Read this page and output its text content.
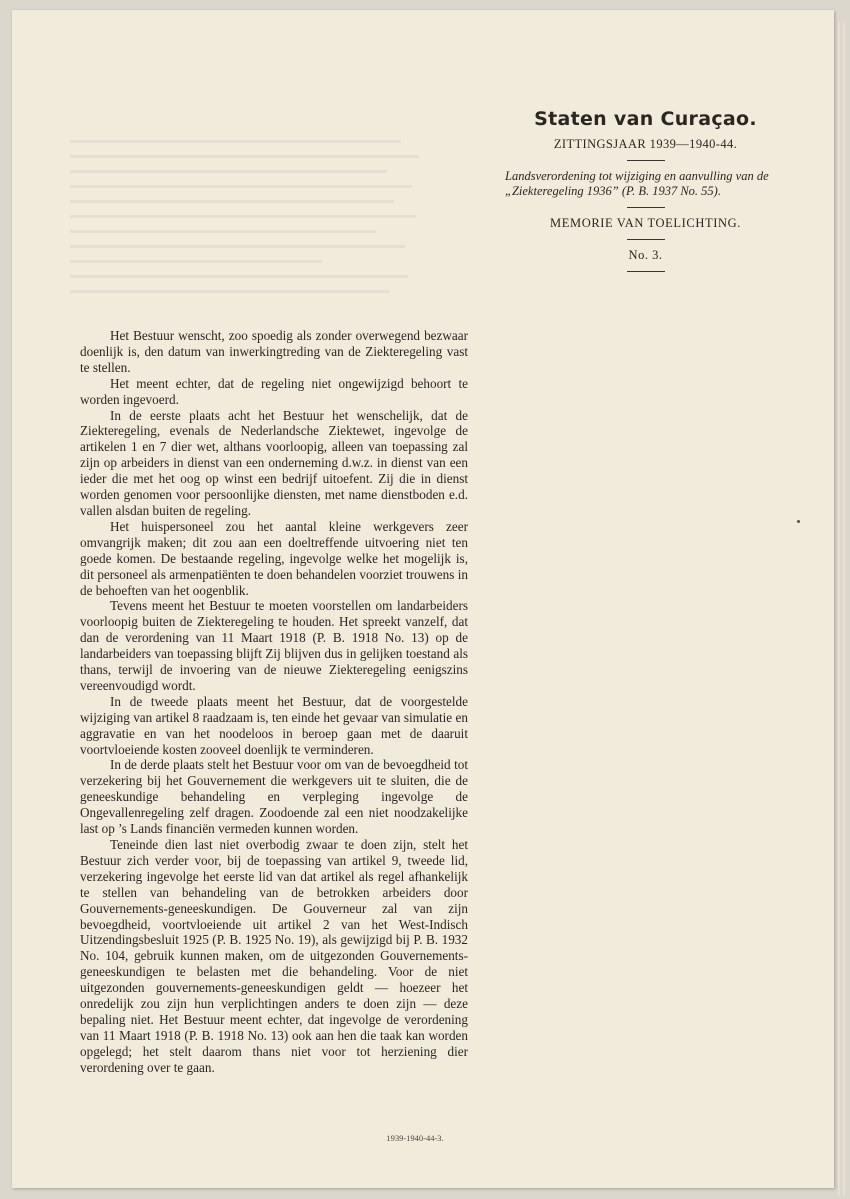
Staten van Curaçao.
ZITTINGSJAAR 1939—1940-44.
Landsverordening tot wijziging en aanvulling van de „Ziekteregeling 1936” (P. B. 1937 No. 55).
MEMORIE VAN TOELICHTING.
No. 3.

Het Bestuur wenscht, zoo spoedig als zonder overwegend bezwaar doenlijk is, den datum van inwerkingtreding van de Ziekteregeling vast te stellen.

Het meent echter, dat de regeling niet ongewijzigd behoort te worden ingevoerd.

In de eerste plaats acht het Bestuur het wenschelijk, dat de Ziekteregeling, evenals de Nederlandsche Ziektewet, ingevolge de artikelen 1 en 7 dier wet, althans voorloopig, alleen van toepassing zal zijn op arbeiders in dienst van een onderneming d.w.z. in dienst van een ieder die met het oog op winst een bedrijf uitoefent. Zij die in dienst worden genomen voor persoonlijke diensten, met name dienstboden e.d. vallen alsdan buiten de regeling.

Het huispersoneel zou het aantal kleine werkgevers zeer omvangrijk maken; dit zou aan een doeltreffende uitvoering niet ten goede komen. De bestaande regeling, ingevolge welke het mogelijk is, dit personeel als armenpatiënten te doen behandelen voorziet trouwens in de behoeften van het oogenblik.

Tevens meent het Bestuur te moeten voorstellen om landarbeiders voorloopig buiten de Ziekteregeling te houden. Het spreekt vanzelf, dat dan de verordening van 11 Maart 1918 (P. B. 1918 No. 13) op de landarbeiders van toepassing blijft Zij blijven dus in gelijken toestand als thans, terwijl de invoering van de nieuwe Ziekteregeling eenigszins vereenvoudigd wordt.

In de tweede plaats meent het Bestuur, dat de voorgestelde wijziging van artikel 8 raadzaam is, ten einde het gevaar van simulatie en aggravatie en van het noodeloos in beroep gaan met de daaruit voortvloeiende kosten zooveel doenlijk te verminderen.

In de derde plaats stelt het Bestuur voor om van de bevoegdheid tot verzekering bij het Gouvernement die werkgevers uit te sluiten, die de geneeskundige behandeling en verpleging ingevolge de Ongevallenregeling zelf dragen. Zoodoende zal een niet noodzakelijke last op ’s Lands financiën vermeden kunnen worden.

Teneinde dien last niet overbodig zwaar te doen zijn, stelt het Bestuur zich verder voor, bij de toepassing van artikel 9, tweede lid, verzekering ingevolge het eerste lid van dat artikel als regel afhankelijk te stellen van behandeling van de betrokken arbeiders door Gouvernements-geneeskundigen. De Gouverneur zal van zijn bevoegdheid, voortvloeiende uit artikel 2 van het West-Indisch Uitzendingsbesluit 1925 (P. B. 1925 No. 19), als gewijzigd bij P. B. 1932 No. 104, gebruik kunnen maken, om de uitgezonden Gouvernements-geneeskundigen te belasten met die behandeling. Voor de niet uitgezonden gouvernements-geneeskundigen geldt — hoezeer het onredelijk zou zijn hun verplichtingen anders te doen zijn — deze bepaling niet. Het Bestuur meent echter, dat ingevolge de verordening van 11 Maart 1918 (P. B. 1918 No. 13) ook aan hen die taak kan worden opgelegd; het stelt daarom thans niet voor tot herziening dier verordening over te gaan.

1939-1940-44-3.
